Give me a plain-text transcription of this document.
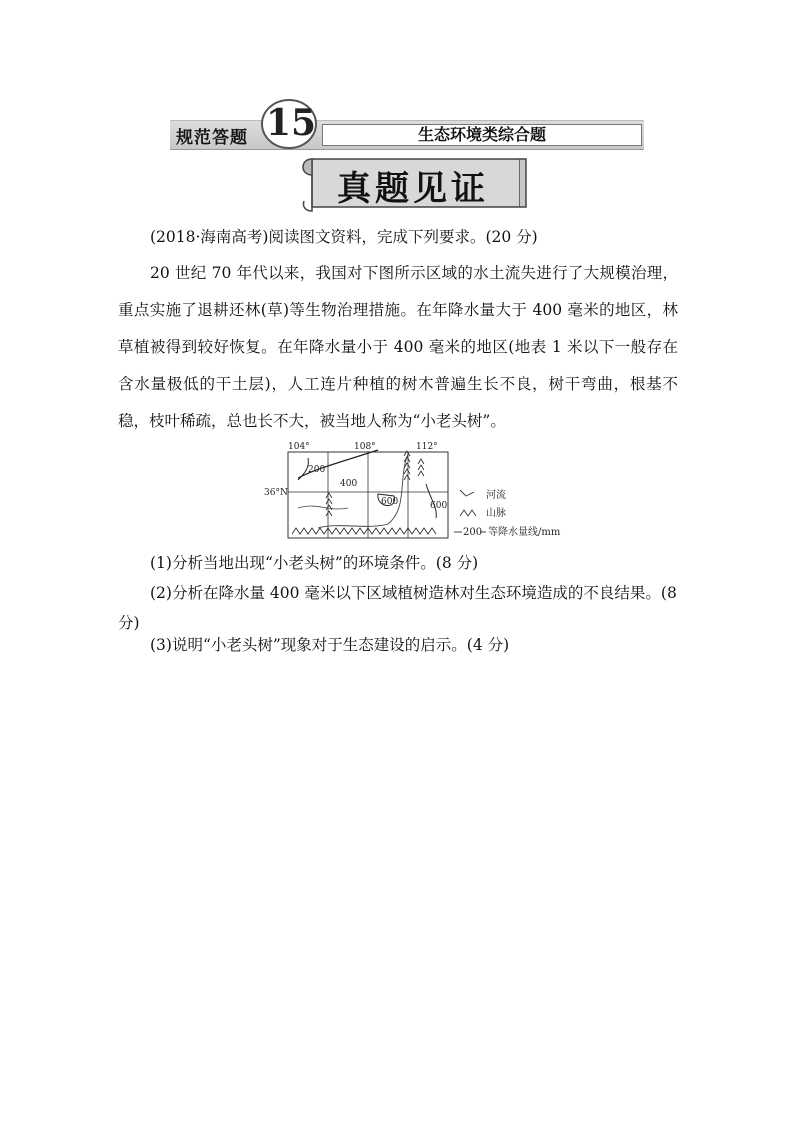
规范答题 15	生态环境类综合题
真题见证
(2018·海南高考)阅读图文资料，完成下列要求。(20 分)
20 世纪 70 年代以来，我国对下图所示区域的水土流失进行了大规模治理，重点实施了退耕还林(草)等生物治理措施。在年降水量大于 400 毫米的地区，林草植被得到较好恢复。在年降水量小于 400 毫米的地区(地表 1 米以下一般存在含水量极低的干土层)，人工连片种植的树木普遍生长不良，树干弯曲，根基不稳，枝叶稀疏，总也长不大，被当地人称为“小老头树”。
104°	108°	112°
36°N
200
400
600	600
河流
山脉
200 等降水量线/mm
(1)分析当地出现“小老头树”的环境条件。(8 分)
(2)分析在降水量 400 毫米以下区域植树造林对生态环境造成的不良结果。(8 分)
(3)说明“小老头树”现象对于生态建设的启示。(4 分)
